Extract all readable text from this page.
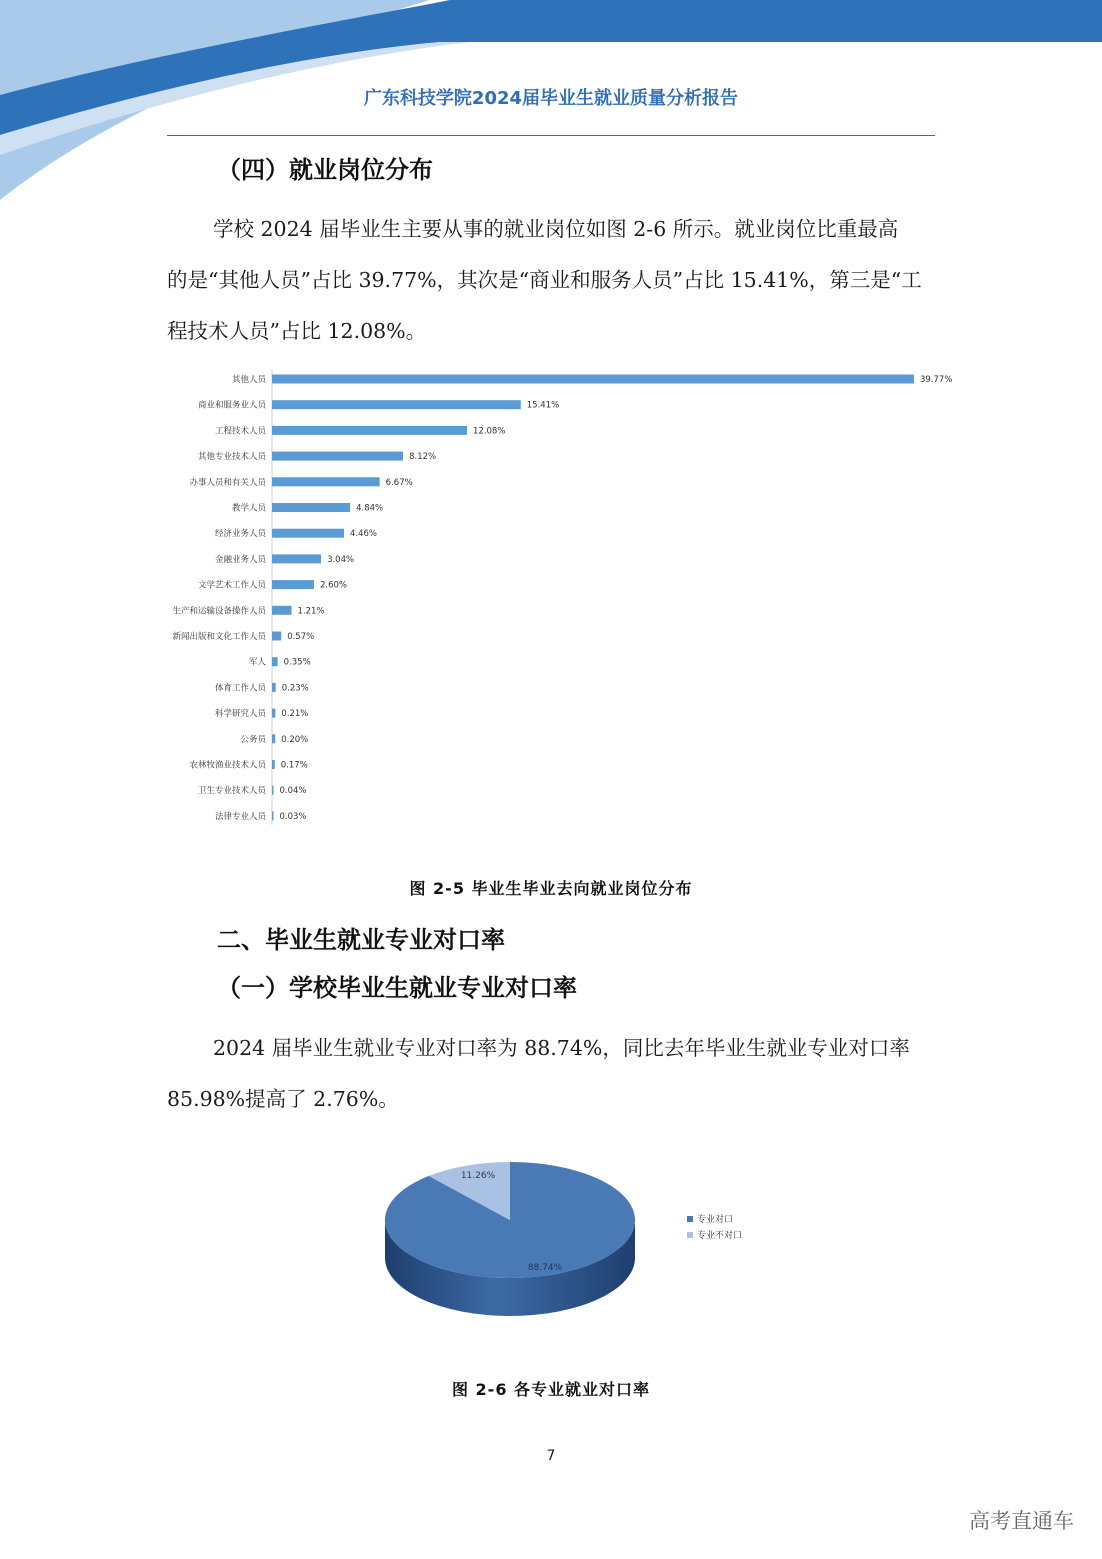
广东科技学院2024届毕业生就业质量分析报告
（四）就业岗位分布
学校 2024 届毕业生主要从事的就业岗位如图 2-6 所示。就业岗位比重最高
的是“其他人员”占比 39.77%，其次是“商业和服务人员”占比 15.41%，第三是“工
程技术人员”占比 12.08%。
其他人员	39.77%
商业和服务业人员	15.41%
工程技术人员	12.08%
其他专业技术人员	8.12%
办事人员和有关人员	6.67%
教学人员	4.84%
经济业务人员	4.46%
金融业务人员	3.04%
文学艺术工作人员	2.60%
生产和运输设备操作人员	1.21%
新闻出版和文化工作人员 0.57%
军人 0.35%
体育工作人员 0.23%
科学研究人员 0.21%
公务员 0.20%
农林牧渔业技术人员 0.17%
卫生专业技术人员 0.04%
法律专业人员 0.03%
图 2-5 毕业生毕业去向就业岗位分布
二、毕业生就业专业对口率
（一）学校毕业生就业专业对口率
2024 届毕业生就业专业对口率为 88.74%，同比去年毕业生就业专业对口率
85.98%提高了 2.76%。
88.74%
11.26%
专业对口
专业不对口
图 2-6 各专业就业对口率
7
高考直通车
